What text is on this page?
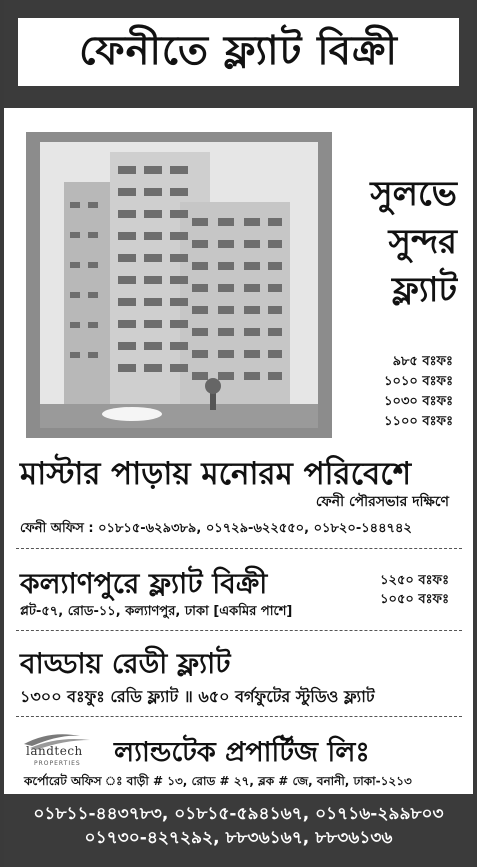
ফেনীতে ফ্ল্যাট বিক্রী
সুলভে
সুন্দর
ফ্ল্যাট
৯৮৫ বঃফঃ
১০১০ বঃফঃ
১০৩০ বঃফঃ
১১০০ বঃফঃ
মাস্টার পাড়ায় মনোরম পরিবেশে
ফেনী পৌরসভার দক্ষিণে
ফেনী অফিস : ০১৮১৫-৬২৯৩৮৯, ০১৭২৯-৬২২৫৫০, ০১৮২০-১৪৪৭৪২
কল্যাণপুরে ফ্ল্যাট বিক্রী	১২৫০ বঃফঃ
১০৫০ বঃফঃ
প্লট-৫৭, রোড-১১, কল্যাণপুর, ঢাকা [একমির পাশে]
বাড্ডায় রেডী ফ্ল্যাট
১৩০০ বঃফুঃ রেডি ফ্ল্যাট ॥ ৬৫০ বর্গফুটের স্টুডিও ফ্ল্যাট
landtech
PROPERTIES ল্যান্ডটেক প্রপার্টিজ লিঃ
কর্পোরেট অফিস ঃ বাড়ী # ১৩, রোড # ২৭, ব্লক # জে, বনানী, ঢাকা-১২১৩
০১৮১১-৪৪৩৭৮৩, ০১৮১৫-৫৯৪১৬৭, ০১৭১৬-২৯৯৮০৩
০১৭৩০-৪২৭২৯২, ৮৮৩৬১৬৭, ৮৮৩৬১৩৬
